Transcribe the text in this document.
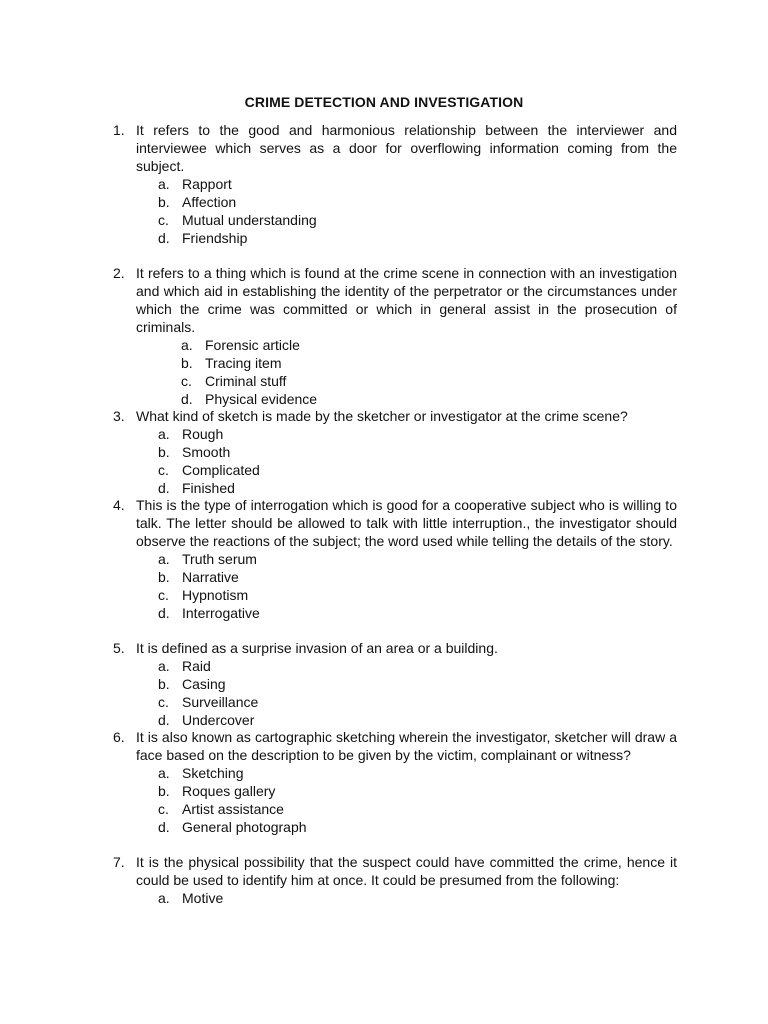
CRIME DETECTION AND INVESTIGATION
1. It refers to the good and harmonious relationship between the interviewer and interviewee which serves as a door for overflowing information coming from the subject.
a. Rapport
b. Affection
c. Mutual understanding
d. Friendship
2. It refers to a thing which is found at the crime scene in connection with an investigation and which aid in establishing the identity of the perpetrator or the circumstances under which the crime was committed or which in general assist in the prosecution of criminals.
a. Forensic article
b. Tracing item
c. Criminal stuff
d. Physical evidence
3. What kind of sketch is made by the sketcher or investigator at the crime scene?
a. Rough
b. Smooth
c. Complicated
d. Finished
4. This is the type of interrogation which is good for a cooperative subject who is willing to talk. The letter should be allowed to talk with little interruption., the investigator should observe the reactions of the subject; the word used while telling the details of the story.
a. Truth serum
b. Narrative
c. Hypnotism
d. Interrogative
5. It is defined as a surprise invasion of an area or a building.
a. Raid
b. Casing
c. Surveillance
d. Undercover
6. It is also known as cartographic sketching wherein the investigator, sketcher will draw a face based on the description to be given by the victim, complainant or witness?
a. Sketching
b. Roques gallery
c. Artist assistance
d. General photograph
7. It is the physical possibility that the suspect could have committed the crime, hence it could be used to identify him at once. It could be presumed from the following:
a. Motive
